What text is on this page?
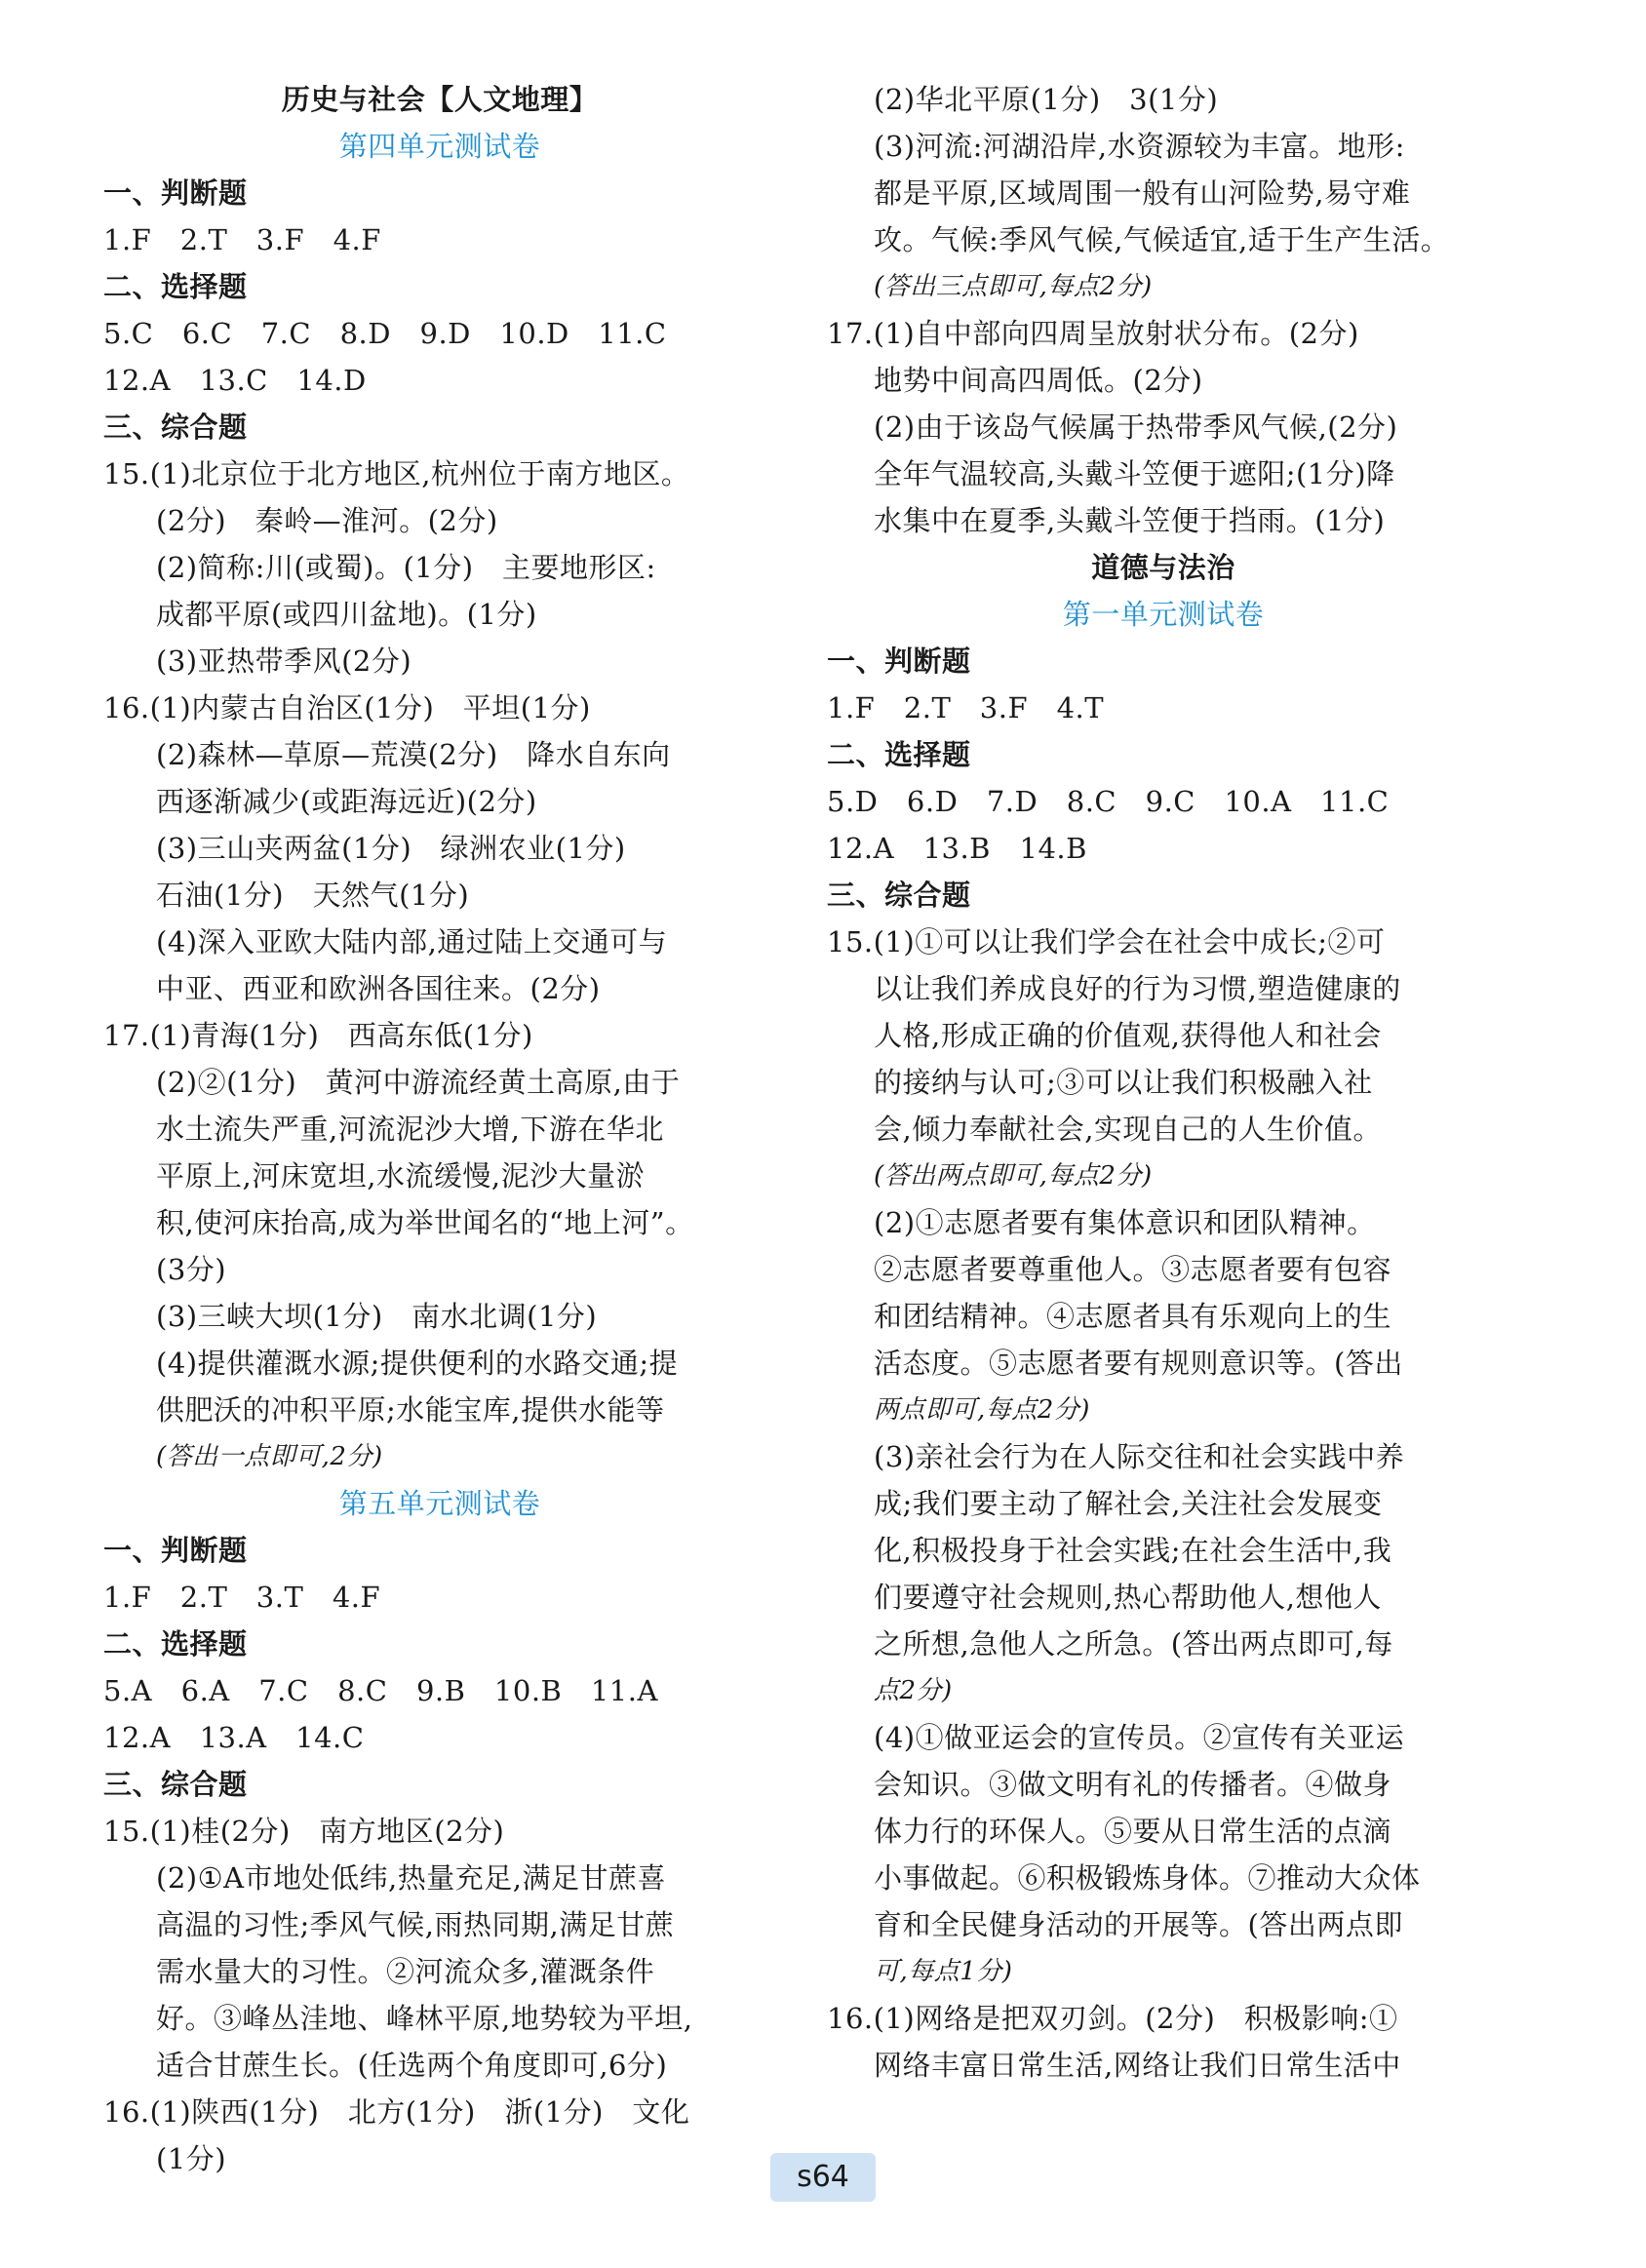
历史与社会【人文地理】
第四单元测试卷
一、判断题
1.F　2.T　3.F　4.F
二、选择题
5.C　6.C　7.C　8.D　9.D　10.D　11.C
12.A　13.C　14.D
三、综合题
15.(1)北京位于北方地区,杭州位于南方地区。
(2分)　秦岭—淮河。(2分)
(2)简称:川(或蜀)。(1分)　主要地形区:
成都平原(或四川盆地)。(1分)
(3)亚热带季风(2分)
16.(1)内蒙古自治区(1分)　平坦(1分)
(2)森林—草原—荒漠(2分)　降水自东向
西逐渐减少(或距海远近)(2分)
(3)三山夹两盆(1分)　绿洲农业(1分)
石油(1分)　天然气(1分)
(4)深入亚欧大陆内部,通过陆上交通可与
中亚、西亚和欧洲各国往来。(2分)
17.(1)青海(1分)　西高东低(1分)
(2)②(1分)　黄河中游流经黄土高原,由于
水土流失严重,河流泥沙大增,下游在华北
平原上,河床宽坦,水流缓慢,泥沙大量淤
积,使河床抬高,成为举世闻名的“地上河”。
(3分)
(3)三峡大坝(1分)　南水北调(1分)
(4)提供灌溉水源;提供便利的水路交通;提
供肥沃的冲积平原;水能宝库,提供水能等
(答出一点即可,2分)
第五单元测试卷
一、判断题
1.F　2.T　3.T　4.F
二、选择题
5.A　6.A　7.C　8.C　9.B　10.B　11.A
12.A　13.A　14.C
三、综合题
15.(1)桂(2分)　南方地区(2分)
(2)①A市地处低纬,热量充足,满足甘蔗喜
高温的习性;季风气候,雨热同期,满足甘蔗
需水量大的习性。②河流众多,灌溉条件
好。③峰丛洼地、峰林平原,地势较为平坦,
适合甘蔗生长。(任选两个角度即可,6分)
16.(1)陕西(1分)　北方(1分)　浙(1分)　文化
(1分)
(2)华北平原(1分)　3(1分)
(3)河流:河湖沿岸,水资源较为丰富。地形:
都是平原,区域周围一般有山河险势,易守难
攻。气候:季风气候,气候适宜,适于生产生活。
(答出三点即可,每点2分)
17.(1)自中部向四周呈放射状分布。(2分)
地势中间高四周低。(2分)
(2)由于该岛气候属于热带季风气候,(2分)
全年气温较高,头戴斗笠便于遮阳;(1分)降
水集中在夏季,头戴斗笠便于挡雨。(1分)
道德与法治
第一单元测试卷
一、判断题
1.F　2.T　3.F　4.T
二、选择题
5.D　6.D　7.D　8.C　9.C　10.A　11.C
12.A　13.B　14.B
三、综合题
15.(1)①可以让我们学会在社会中成长;②可
以让我们养成良好的行为习惯,塑造健康的
人格,形成正确的价值观,获得他人和社会
的接纳与认可;③可以让我们积极融入社
会,倾力奉献社会,实现自己的人生价值。
(答出两点即可,每点2分)
(2)①志愿者要有集体意识和团队精神。
②志愿者要尊重他人。③志愿者要有包容
和团结精神。④志愿者具有乐观向上的生
活态度。⑤志愿者要有规则意识等。(答出
两点即可,每点2分)
(3)亲社会行为在人际交往和社会实践中养
成;我们要主动了解社会,关注社会发展变
化,积极投身于社会实践;在社会生活中,我
们要遵守社会规则,热心帮助他人,想他人
之所想,急他人之所急。(答出两点即可,每
点2分)
(4)①做亚运会的宣传员。②宣传有关亚运
会知识。③做文明有礼的传播者。④做身
体力行的环保人。⑤要从日常生活的点滴
小事做起。⑥积极锻炼身体。⑦推动大众体
育和全民健身活动的开展等。(答出两点即
可,每点1分)
16.(1)网络是把双刃剑。(2分)　积极影响:①
网络丰富日常生活,网络让我们日常生活中
s64
